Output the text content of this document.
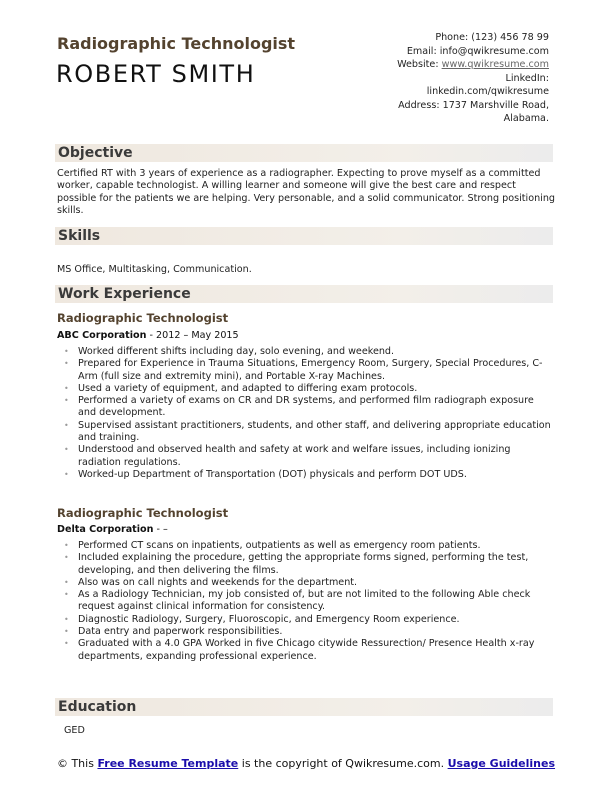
Radiographic Technologist
ROBERT SMITH
Phone: (123) 456 78 99
Email: info@qwikresume.com
Website: www.qwikresume.com
LinkedIn:
linkedin.com/qwikresume
Address: 1737 Marshville Road,
Alabama.
Objective
Certified RT with 3 years of experience as a radiographer. Expecting to prove myself as a committed worker, capable technologist. A willing learner and someone will give the best care and respect possible for the patients we are helping. Very personable, and a solid communicator. Strong positioning skills.
Skills
MS Office, Multitasking, Communication.
Work Experience
Radiographic Technologist
ABC Corporation - 2012 – May 2015
• Worked different shifts including day, solo evening, and weekend.
• Prepared for Experience in Trauma Situations, Emergency Room, Surgery, Special Procedures, C-Arm (full size and extremity mini), and Portable X-ray Machines.
• Used a variety of equipment, and adapted to differing exam protocols.
• Performed a variety of exams on CR and DR systems, and performed film radiograph exposure and development.
• Supervised assistant practitioners, students, and other staff, and delivering appropriate education and training.
• Understood and observed health and safety at work and welfare issues, including ionizing radiation regulations.
• Worked-up Department of Transportation (DOT) physicals and perform DOT UDS.
Radiographic Technologist
Delta Corporation - –
• Performed CT scans on inpatients, outpatients as well as emergency room patients.
• Included explaining the procedure, getting the appropriate forms signed, performing the test, developing, and then delivering the films.
• Also was on call nights and weekends for the department.
• As a Radiology Technician, my job consisted of, but are not limited to the following Able check request against clinical information for consistency.
• Diagnostic Radiology, Surgery, Fluoroscopic, and Emergency Room experience.
• Data entry and paperwork responsibilities.
• Graduated with a 4.0 GPA Worked in five Chicago citywide Ressurection/ Presence Health x-ray departments, expanding professional experience.
Education
GED
© This Free Resume Template is the copyright of Qwikresume.com. Usage Guidelines
